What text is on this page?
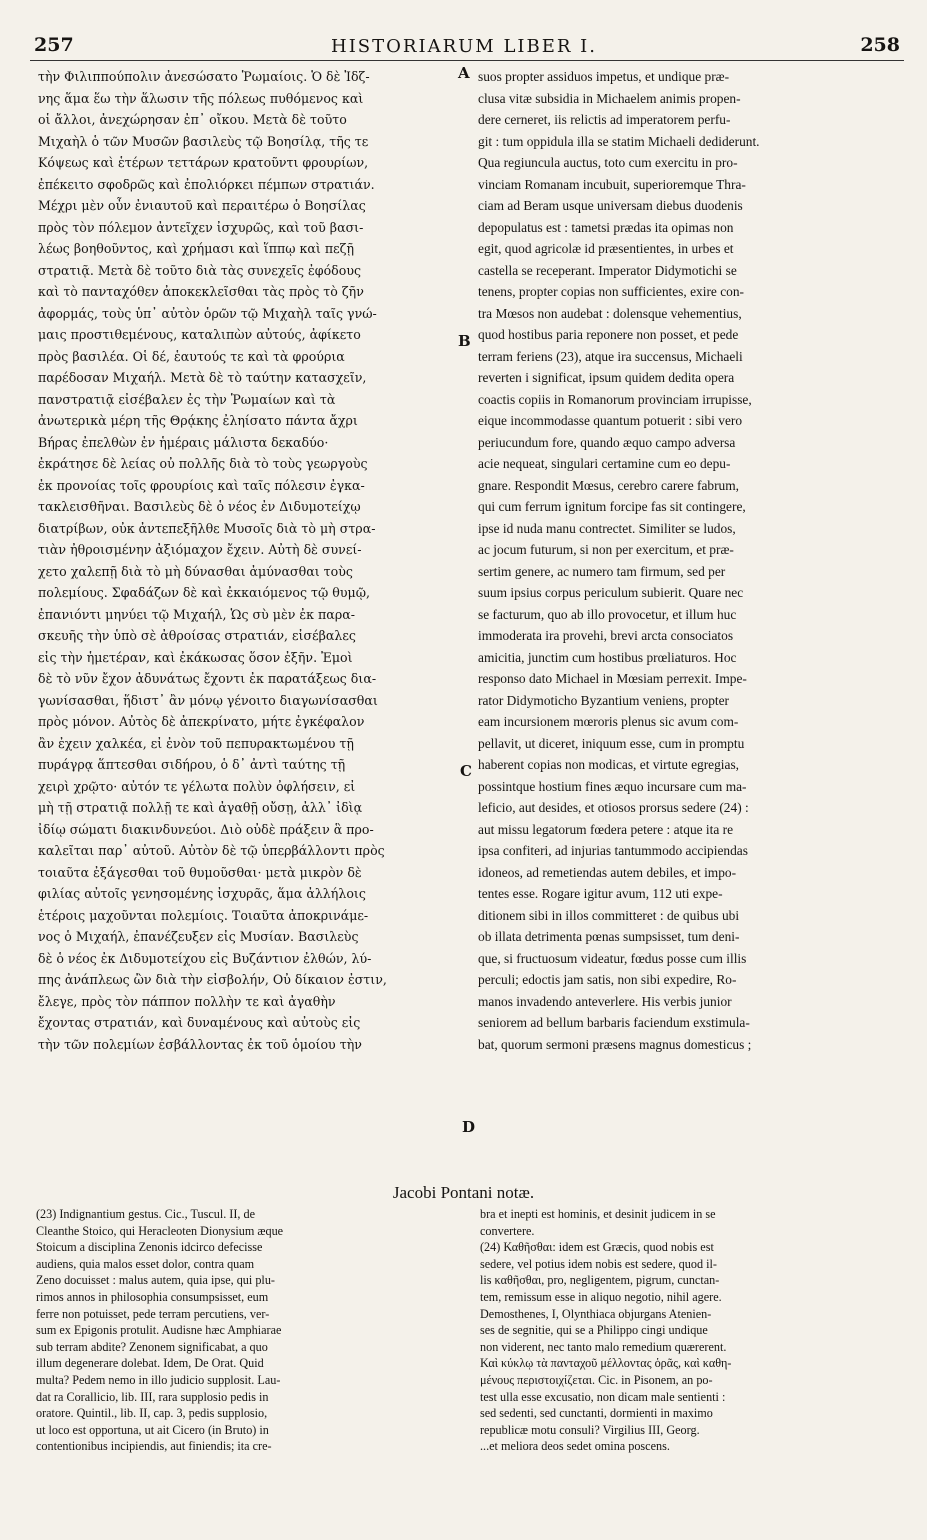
257	HISTORIARUM LIBER I.	258
τὴν Φιλιππούπολιν ἀνεσώσατο Ῥωμαίοις. Ὁ δὲ Ἰδζ-
νης ἅμα ἕω τὴν ἅλωσιν τῆς πόλεως πυθόμενος καὶ
οἱ ἄλλοι, ἀνεχώρησαν ἐπ᾽ οἴκου. Μετὰ δὲ τοῦτο
Μιχαὴλ ὁ τῶν Μυσῶν βασιλεὺς τῷ Βοησίλᾳ, τῆς τε
Κόψεως καὶ ἑτέρων τεττάρων κρατοῦντι φρουρίων,
ἐπέκειτο σφοδρῶς καὶ ἐπολιόρκει πέμπων στρατιάν.
Μέχρι μὲν οὖν ἐνιαυτοῦ καὶ περαιτέρω ὁ Βοησίλας
πρὸς τὸν πόλεμον ἀντεῖχεν ἰσχυρῶς, καὶ τοῦ βασι-
λέως βοηθοῦντος, καὶ χρήμασι καὶ ἵππῳ καὶ πεζῇ
στρατιᾷ. Μετὰ δὲ τοῦτο διὰ τὰς συνεχεῖς ἐφόδους
καὶ τὸ πανταχόθεν ἀποκεκλεῖσθαι τὰς πρὸς τὸ ζῆν
ἀφορμάς, τοὺς ὑπ᾽ αὐτὸν ὁρῶν τῷ Μιχαὴλ ταῖς γνώ-
μαις προστιθεμένους, καταλιπὼν αὐτούς, ἀφίκετο
πρὸς βασιλέα. Οἱ δέ, ἑαυτούς τε καὶ τὰ φρούρια
παρέδοσαν Μιχαήλ. Μετὰ δὲ τὸ ταύτην κατασχεῖν,
πανστρατιᾷ εἰσέβαλεν ἐς τὴν Ῥωμαίων καὶ τὰ
ἀνωτερικὰ μέρη τῆς Θρᾴκης ἐληίσατο πάντα ἄχρι
Βήρας ἐπελθὼν ἐν ἡμέραις μάλιστα δεκαδύο·
ἐκράτησε δὲ λείας οὐ πολλῆς διὰ τὸ τοὺς γεωργοὺς
ἐκ προνοίας τοῖς φρουρίοις καὶ ταῖς πόλεσιν ἐγκα-
τακλεισθῆναι. Βασιλεὺς δὲ ὁ νέος ἐν Διδυμοτείχῳ
διατρίβων, οὐκ ἀντεπεξῆλθε Μυσοῖς διὰ τὸ μὴ στρα-
τιὰν ἠθροισμένην ἀξιόμαχον ἔχειν. Αὐτὴ δὲ συνεί-
χετο χαλεπῇ διὰ τὸ μὴ δύνασθαι ἀμύνασθαι τοὺς
πολεμίους. Σφαδάζων δὲ καὶ ἐκκαιόμενος τῷ θυμῷ,
ἐπανιόντι μηνύει τῷ Μιχαήλ, Ὡς σὺ μὲν ἐκ παρα-
σκευῆς τὴν ὑπὸ σὲ ἀθροίσας στρατιάν, εἰσέβαλες
εἰς τὴν ἡμετέραν, καὶ ἐκάκωσας ὅσον ἐξῆν. Ἐμοὶ
δὲ τὸ νῦν ἔχον ἀδυνάτως ἔχοντι ἐκ παρατάξεως δια-
γωνίσασθαι, ἥδιστ᾽ ἂν μόνῳ γένοιτο διαγωνίσασθαι
πρὸς μόνον. Αὐτὸς δὲ ἀπεκρίνατο, μήτε ἐγκέφαλον
ἂν ἐχειν χαλκέα, εἰ ἐνὸν τοῦ πεπυρακτωμένου τῇ
πυράγρᾳ ἅπτεσθαι σιδήρου, ὁ δ᾽ ἀντὶ ταύτης τῇ
χειρὶ χρῷτο· αὐτόν τε γέλωτα πολὺν ὀφλήσειν, εἰ
μὴ τῇ στρατιᾷ πολλῇ τε καὶ ἀγαθῇ οὔσῃ, ἀλλ᾽ ἰδὶᾳ
ἰδίῳ σώματι διακινδυνεύοι. Διὸ οὐδὲ πράξειν ἃ προ-
καλεῖται παρ᾽ αὐτοῦ. Αὐτὸν δὲ τῷ ὑπερβάλλοντι πρὸς
τοιαῦτα ἐξάγεσθαι τοῦ θυμοῦσθαι· μετὰ μικρὸν δὲ
φιλίας αὐτοῖς γενησομένης ἰσχυρᾶς, ἅμα ἀλλήλοις
ἑτέροις μαχοῦνται πολεμίοις. Τοιαῦτα ἀποκρινάμε-
νος ὁ Μιχαήλ, ἐπανέζευξεν εἰς Μυσίαν. Βασιλεὺς
δὲ ὁ νέος ἐκ Διδυμοτείχου εἰς Βυζάντιον ἐλθών, λύ-
πης ἀνάπλεως ὢν διὰ τὴν εἰσβολήν, Οὐ δίκαιον ἐστιν,
ἔλεγε, πρὸς τὸν πάππον πολλὴν τε καὶ ἀγαθὴν
ἔχοντας στρατιάν, καὶ δυναμένους καὶ αὐτοὺς εἰς
τὴν τῶν πολεμίων ἐσβάλλοντας ἐκ τοῦ ὁμοίου τὴν
suos propter assiduos impetus, et undique præ-
clusa vitæ subsidia in Michaelem animis propen-
dere cerneret, iis relictis ad imperatorem perfu-
git : tum oppidula illa se statim Michaeli dediderunt.
Qua regiuncula auctus, toto cum exercitu in pro-
vinciam Romanam incubuit, superioremque Thra-
ciam ad Beram usque universam diebus duodenis
depopulatus est : tametsi prædas ita opimas non
egit, quod agricolæ id præsentientes, in urbes et
castella se receperant. Imperator Didymotichi se
tenens, propter copias non sufficientes, exire con-
tra Mœsos non audebat : dolensque vehementius,
quod hostibus paria reponere non posset, et pede
terram feriens (23), atque ira succensus, Michaeli
reverten i significat, ipsum quidem dedita opera
coactis copiis in Romanorum provinciam irrupisse,
eique incommodasse quantum potuerit : sibi vero
periucundum fore, quando æquo campo adversa
acie nequeat, singulari certamine cum eo depu-
gnare. Respondit Mœsus, cerebro carere fabrum,
qui cum ferrum ignitum forcipe fas sit contingere,
ipse id nuda manu contrectet. Similiter se ludos,
ac jocum futurum, si non per exercitum, et præ-
sertim genere, ac numero tam firmum, sed per
suum ipsius corpus periculum subierit. Quare nec
se facturum, quo ab illo provocetur, et illum huc
immoderata ira provehi, brevi arcta consociatos
amicitia, junctim cum hostibus prœliaturos. Hoc
responso dato Michael in Mœsiam perrexit. Impe-
rator Didymoticho Byzantium veniens, propter
eam incursionem mœroris plenus sic avum com-
pellavit, ut diceret, iniquum esse, cum in promptu
haberent copias non modicas, et virtute egregias,
possintque hostium fines æquo incursare cum ma-
leficio, aut desides, et otiosos prorsus sedere (24) :
aut missu legatorum fœdera petere : atque ita re
ipsa confiteri, ad injurias tantummodo accipiendas
idoneos, ad remetiendas autem debiles, et impo-
tentes esse. Rogare igitur avum, 112 uti expe-
ditionem sibi in illos committeret : de quibus ubi
ob illata detrimenta pœnas sumpsisset, tum deni-
que, si fructuosum videatur, fœdus posse cum illis
perculi; edoctis jam satis, non sibi expedire, Ro-
manos invadendo anteverlere. His verbis junior
seniorem ad bellum barbaris faciendum exstimula-
bat, quorum sermoni præsens magnus domesticus ;
A
B
C
D
Jacobi Pontani notæ.
(23) Indignantium gestus. Cic., Tuscul. II, de
Cleanthe Stoico, qui Heracleoten Dionysium æque
Stoicum a disciplina Zenonis idcirco defecisse
audiens, quia malos esset dolor, contra quam
Zeno docuisset : malus autem, quia ipse, qui plu-
rimos annos in philosophia consumpsisset, eum
ferre non potuisset, pede terram percutiens, ver-
sum ex Epigonis protulit. Audisne hæc Amphiarae
sub terram abdite? Zenonem significabat, a quo
illum degenerare dolebat. Idem, De Orat. Quid
multa? Pedem nemo in illo judicio supplosit. Lau-
dat ra Corallicio, lib. III, rara supplosio pedis in
oratore. Quintil., lib. II, cap. 3, pedis supplosio,
ut loco est opportuna, ut ait Cicero (in Bruto) in
contentionibus incipiendis, aut finiendis; ita cre-
bra et inepti est hominis, et desinit judicem in se
convertere.
(24) Καθῆσθαι: idem est Græcis, quod nobis est
sedere, vel potius idem nobis est sedere, quod il-
lis καθῆσθαι, pro, negligentem, pigrum, cunctan-
tem, remissum esse in aliquo negotio, nihil agere.
Demosthenes, I, Olynthiaca objurgans Atenien-
ses de segnitie, qui se a Philippo cingi undique
non viderent, nec tanto malo remedium quærerent.
Καὶ κύκλῳ τὰ πανταχοῦ μέλλοντας ὁρᾶς, καὶ καθη-
μένους περιστοιχίζεται. Cic. in Pisonem, an po-
test ulla esse excusatio, non dicam male sentienti :
sed sedenti, sed cunctanti, dormienti in maximo
republicæ motu consuli? Virgilius III, Georg.
...et meliora deos sedet omina poscens.
